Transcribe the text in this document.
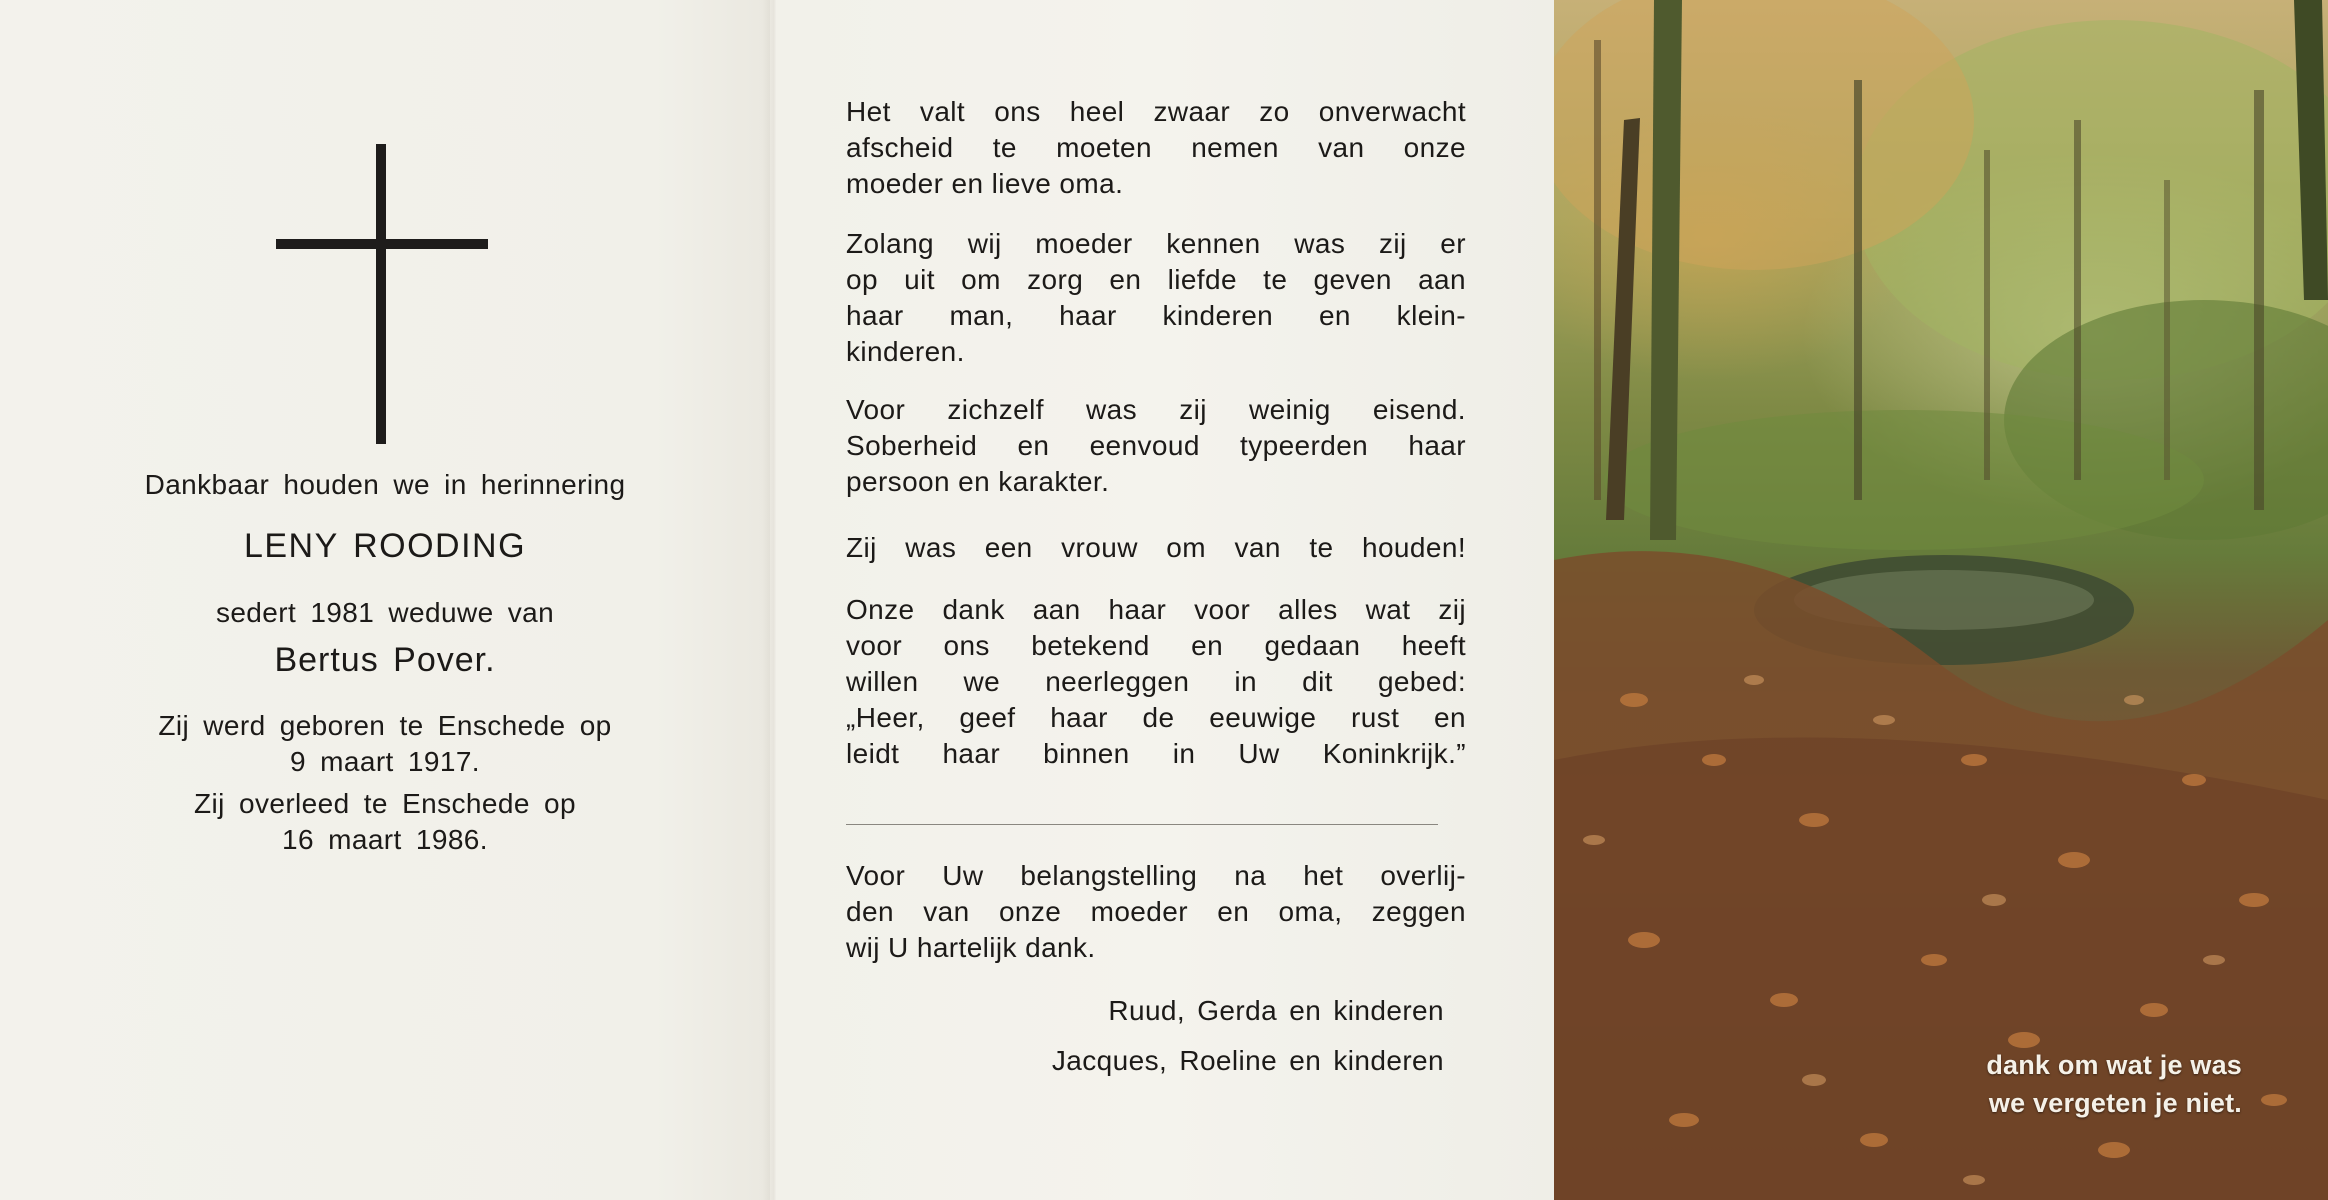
Dankbaar houden we in herinnering

LENY ROODING

sedert 1981 weduwe van

Bertus Pover.

Zij werd geboren te Enschede op

9 maart 1917.

Zij overleed te Enschede op

16 maart 1986.

Het valt ons heel zwaar zo onverwacht

afscheid te moeten nemen van onze

moeder en lieve oma.

Zolang wij moeder kennen was zij er

op uit om zorg en liefde te geven aan

haar man, haar kinderen en klein-

kinderen.

Voor zichzelf was zij weinig eisend.

Soberheid en eenvoud typeerden haar

persoon en karakter.

Zij was een vrouw om van te houden!

Onze dank aan haar voor alles wat zij

voor ons betekend en gedaan heeft

willen we neerleggen in dit gebed:

„Heer, geef haar de eeuwige rust en

leidt haar binnen in Uw Koninkrijk.”

Voor Uw belangstelling na het overlij-

den van onze moeder en oma, zeggen

wij U hartelijk dank.

Ruud, Gerda en kinderen

Jacques, Roeline en kinderen	dank om wat je was

we vergeten je niet.
